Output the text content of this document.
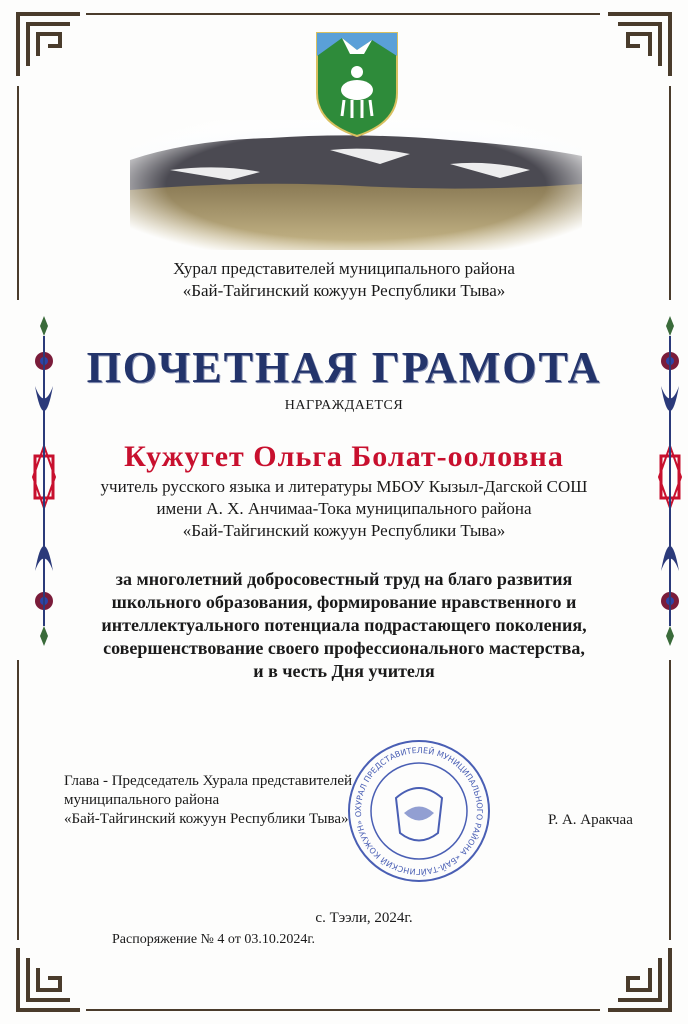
Хурал представителей муниципального района
«Бай-Тайгинский кожуун Республики Тыва»
ПОЧЕТНАЯ ГРАМОТА
НАГРАЖДАЕТСЯ
Кужугет Ольга Болат-ооловна
учитель русского языка и литературы МБОУ Кызыл-Дагской СОШ
имени А. Х. Анчимаа-Тока муниципального района
«Бай-Тайгинский кожуун Республики Тыва»
за многолетний добросовестный труд на благо развития
школьного образования, формирование нравственного и
интеллектуального потенциала подрастающего поколения,
совершенствование своего профессионального мастерства,
и в честь Дня учителя
ХУРАЛ ПРЕДСТАВИТЕЛЕЙ МУНИЦИПАЛЬНОГО РАЙОНА «БАЙ-ТАЙГИНСКИЙ КОЖУУН» О
Глава - Председатель Хурала представителей
муниципального района
«Бай-Тайгинский кожуун Республики Тыва»	Р. А. Аракчаа
с. Тээли, 2024г.
Распоряжение № 4 от 03.10.2024г.
